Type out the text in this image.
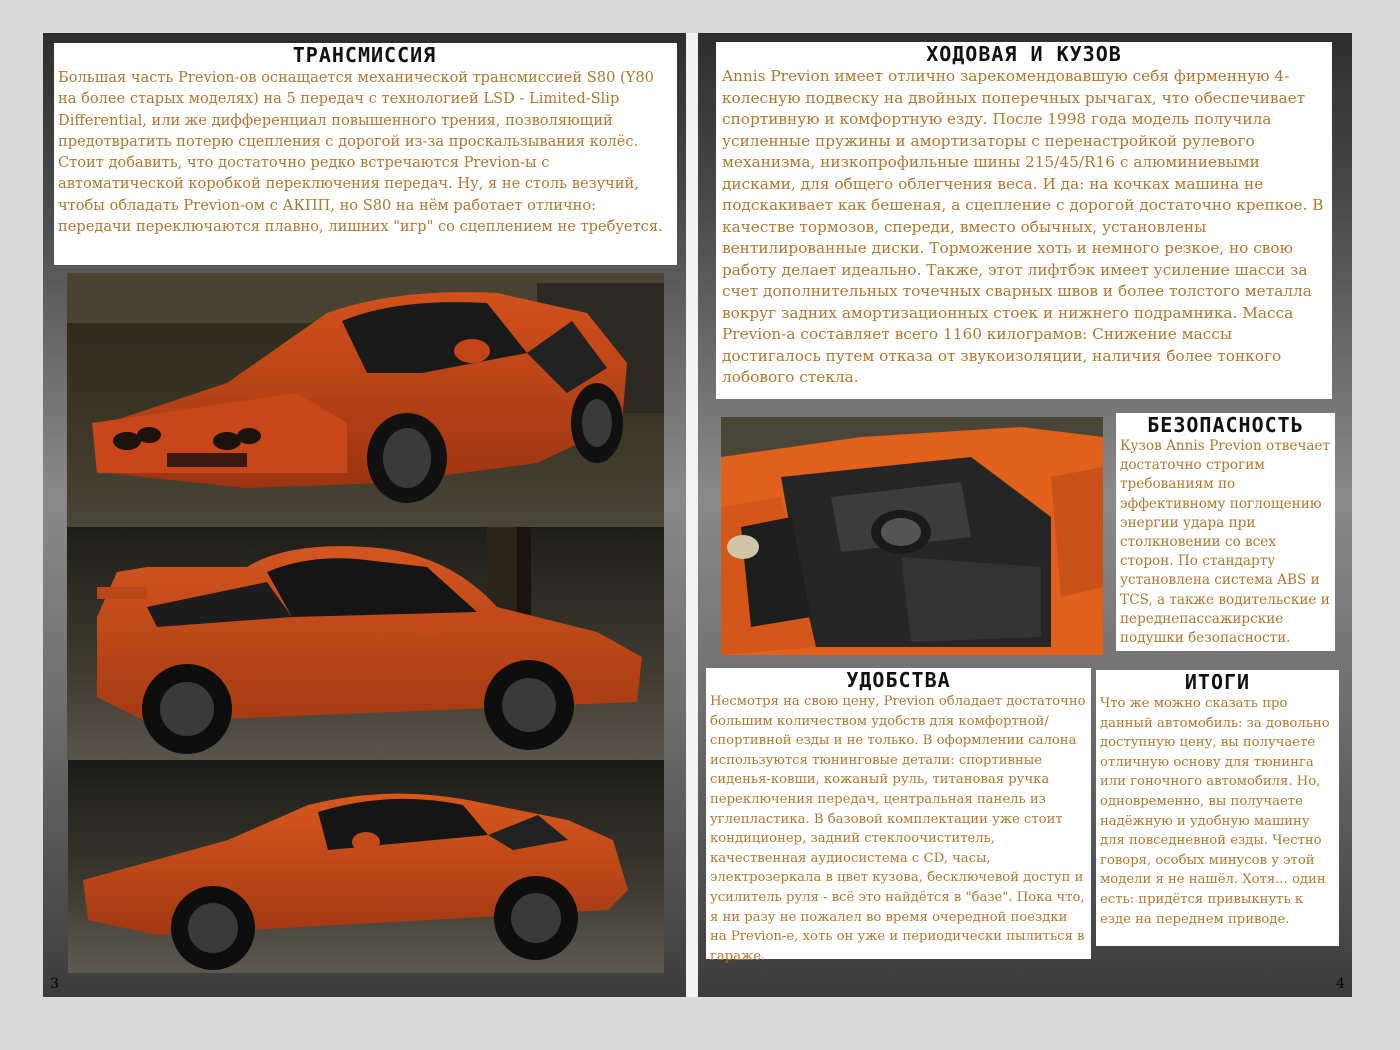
ТРАНСМИССИЯ

Большая часть Previon-ов оснащается механической трансмиссией S80 (Y80 на более старых моделях) на 5 передач с технологией LSD - Limited-Slip Differential, или же дифференциал повышенного трения, позволяющий предотвратить потерю сцепления с дорогой из-за проскальзывания колёс. Стоит добавить, что достаточно редко встречаются Previon-ы с автоматической коробкой переключения передач. Ну, я не столь везучий, чтобы обладать Previon-ом с АКПП, но S80 на нём работает отлично: передачи переключаются плавно, лишних "игр" со сцеплением не требуется.

3
ХОДОВАЯ И КУЗОВ

Annis Previon имеет отлично зарекомендовавшую себя фирменную 4-колесную подвеску на двойных поперечных рычагах, что обеспечивает спортивную и комфортную езду. После 1998 года модель получила усиленные пружины и амортизаторы с перенастройкой рулевого механизма, низкопрофильные шины 215/45/R16 с алюминиевыми дисками, для общего облегчения веса. И да: на кочках машина не подскакивает как бешеная, а сцепление с дорогой достаточно крепкое. В качестве тормозов, спереди, вместо обычных, установлены вентилированные диски. Торможение хоть и немного резкое, но свою работу делает идеально. Также, этот лифтбэк имеет усиление шасси за счет дополнительных точечных сварных швов и более толстого металла вокруг задних амортизационных стоек и нижнего подрамника. Масса Previon-а составляет всего 1160 килограмов: Снижение массы достигалось путем отказа от звукоизоляции, наличия более тонкого лобового стекла.

БЕЗОПАСНОСТЬ

Кузов Annis Previon отвечает достаточно строгим требованиям по эффективному поглощению энергии удара при столкновении со всех сторон. По стандарту установлена система ABS и TCS, а также водительские и переднепассажирские подушки безопасности.

УДОБСТВА

Несмотря на свою цену, Previon обладает достаточно большим количеством удобств для комфортной/спортивной езды и не только. В оформлении салона используются тюнинговые детали: спортивные сиденья-ковши, кожаный руль, титановая ручка переключения передач, центральная панель из углепластика. В базовой комплектации уже стоит кондиционер, задний стеклоочиститель, качественная аудиосистема с CD, часы, электрозеркала в цвет кузова, бесключевой доступ и усилитель руля - всё это найдётся в "базе". Пока что, я ни разу не пожалел во время очередной поездки на Previon-е, хоть он уже и периодически пылиться в гараже.

ИТОГИ

Что же можно сказать про данный автомобиль: за довольно доступную цену, вы получаете отличную основу для тюнинга или гоночного автомобиля. Но, одновременно, вы получаете надёжную и удобную машину для повседневной езды. Честно говоря, особых минусов у этой модели я не нашёл. Хотя... один есть: придётся привыкнуть к езде на переднем приводе.

4
